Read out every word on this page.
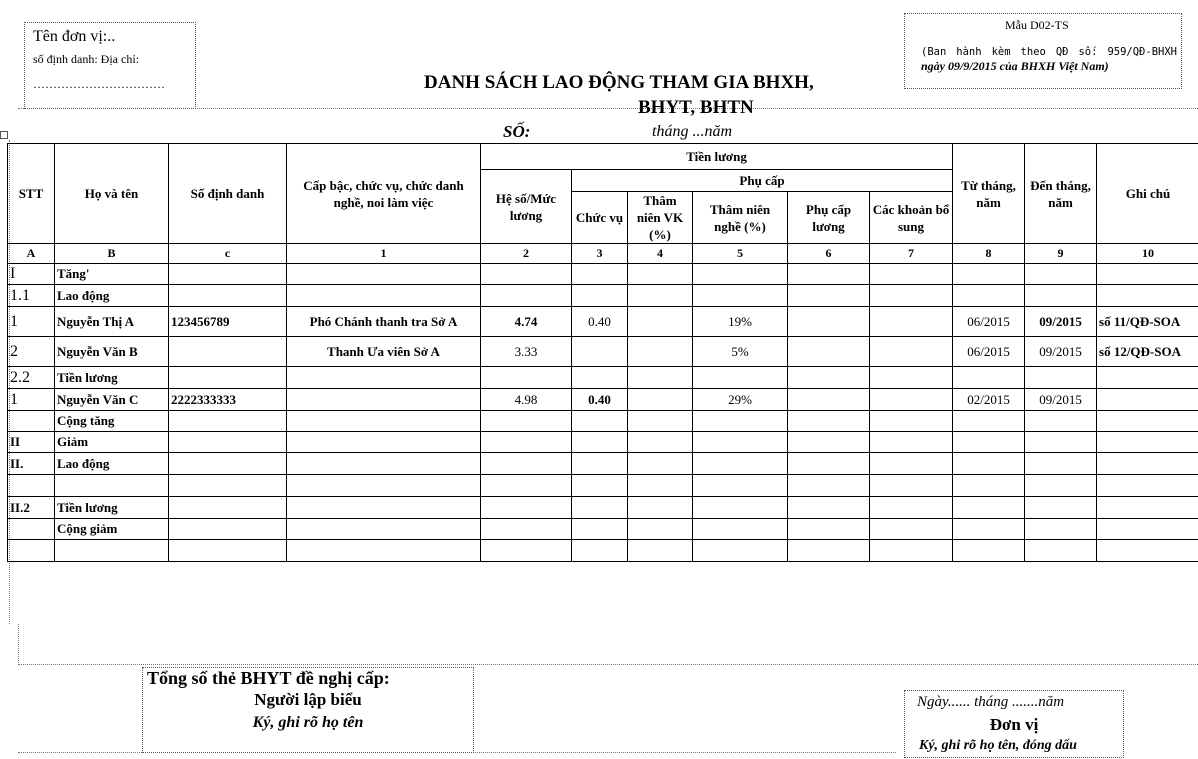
Tên đơn vị:..
số định danh: Địa chỉ:
……………………………
Mẫu D02-TS
(Ban hành kèm theo QĐ số: 959/QĐ-BHXH ngày 09/9/2015 của BHXH Việt Nam)
DANH SÁCH LAO ĐỘNG THAM GIA BHXH,
BHYT, BHTN
SỐ:	tháng ...năm
STT	Họ và tên	Số định danh	Cấp bậc, chức vụ, chức danh nghề, noi làm việc	Tiền lương						Từ tháng, năm	Đến tháng, năm	Ghi chú
				Hệ số/Mức lương	Phụ cấp							
					Chức vụ	Thâm niên VK (%)	Thâm niên nghề (%)	Phụ cấp lương	Các khoản bổ sung			
A	B	c	1	2	3	4	5	6	7	8	9	10
I	Tăng'											
1.1	Lao động											
1	Nguyễn Thị A	123456789	Phó Chánh thanh tra Sở A	4.74	0.40		19%			06/2015	09/2015	số 11/QĐ-SOA
2	Nguyễn Văn B		Thanh Ưa viên Sở A	3.33			5%			06/2015	09/2015	số 12/QĐ-SOA
2.2	Tiền lương											
1	Nguyễn Văn C	2222333333		4.98	0.40		29%			02/2015	09/2015	
	Cộng tăng											
II	Giảm											
II.	Lao động											

II.2	Tiền lương											
	Cộng giảm											

Tổng số thẻ BHYT đề nghị cấp:
Người lập biểu
Ký, ghi rõ họ tên
Ngày...... tháng .......năm
Đơn vị
Ký, ghi rõ họ tên, đóng dấu
